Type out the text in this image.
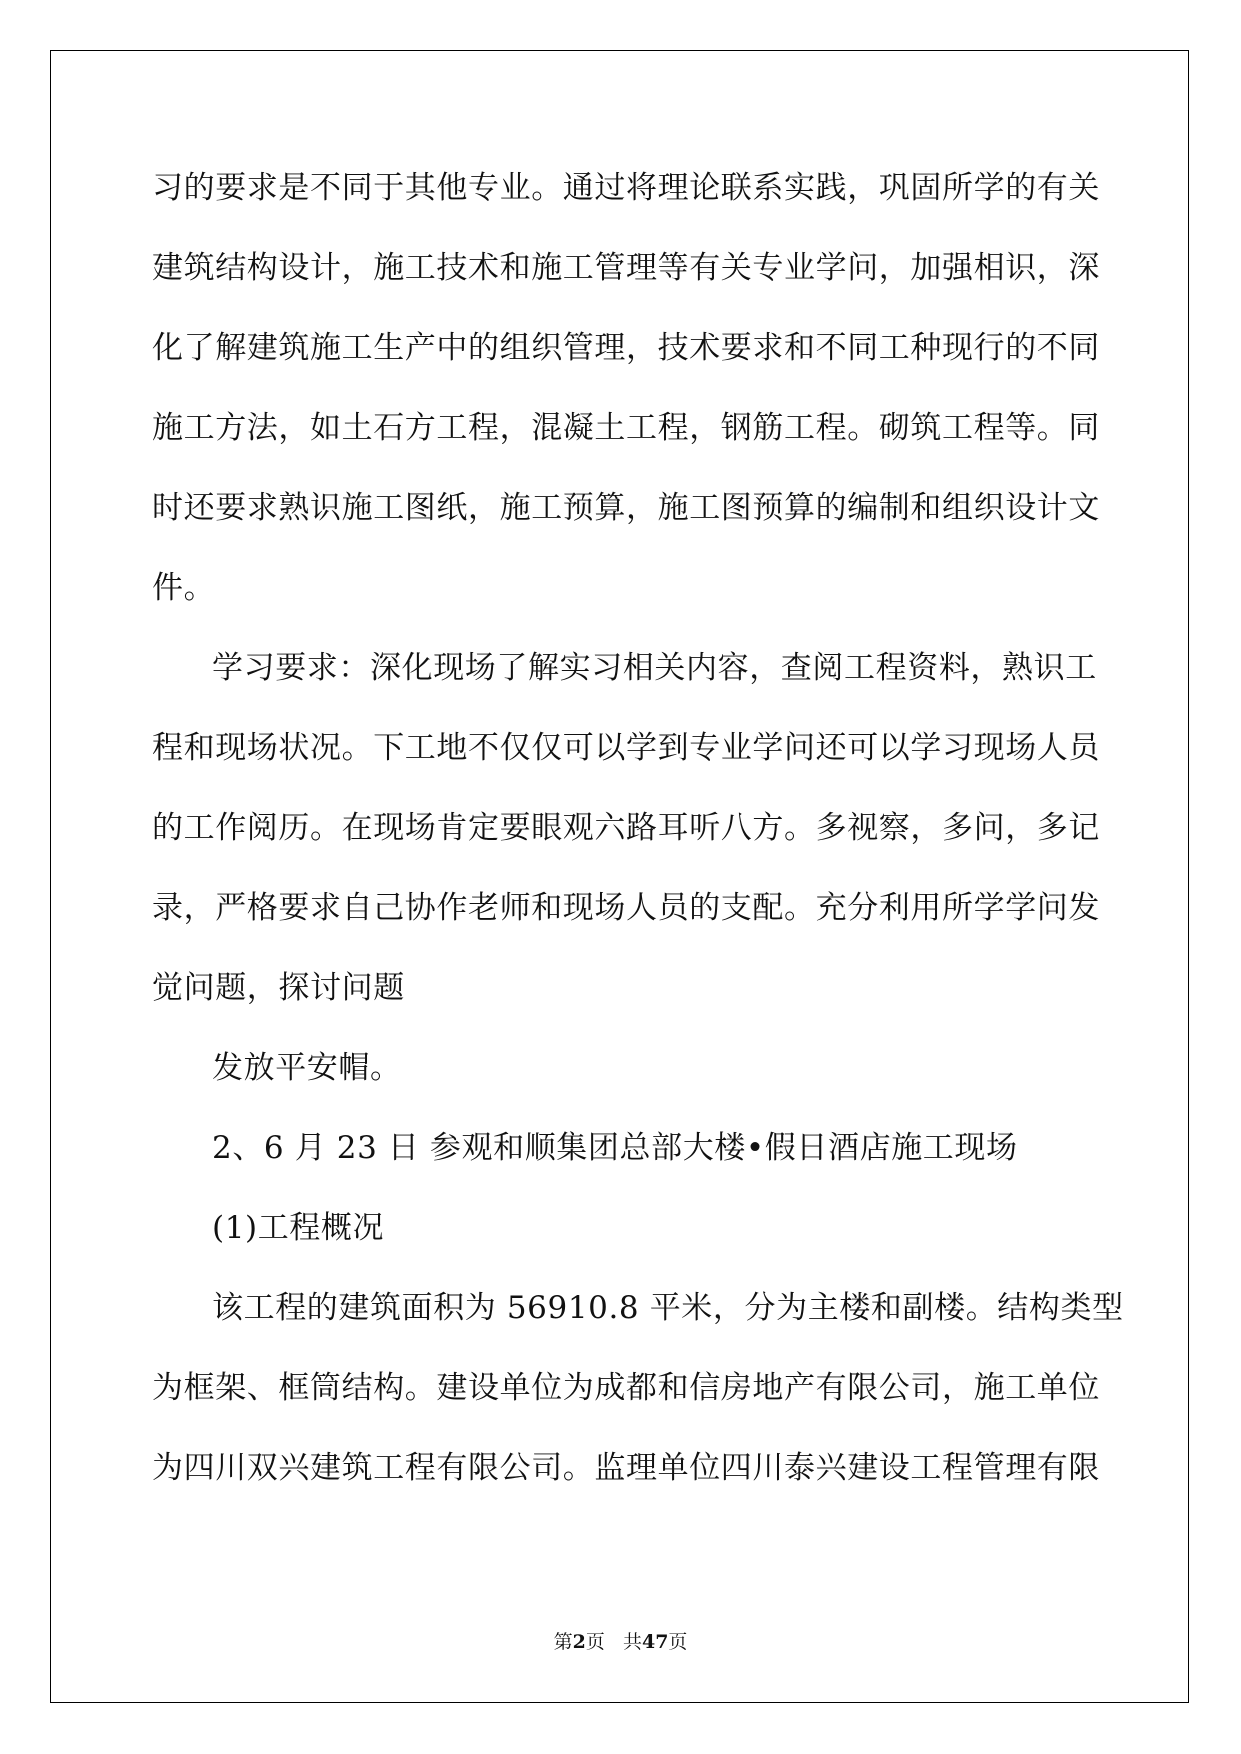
习的要求是不同于其他专业。通过将理论联系实践，巩固所学的有关
建筑结构设计，施工技术和施工管理等有关专业学问，加强相识，深
化了解建筑施工生产中的组织管理，技术要求和不同工种现行的不同
施工方法，如土石方工程，混凝土工程，钢筋工程。砌筑工程等。同
时还要求熟识施工图纸，施工预算，施工图预算的编制和组织设计文
件。
学习要求：深化现场了解实习相关内容，查阅工程资料，熟识工
程和现场状况。下工地不仅仅可以学到专业学问还可以学习现场人员
的工作阅历。在现场肯定要眼观六路耳听八方。多视察，多问，多记
录，严格要求自己协作老师和现场人员的支配。充分利用所学学问发
觉问题，探讨问题
发放平安帽。
2、6 月 23 日 参观和顺集团总部大楼•假日酒店施工现场
(1)工程概况
该工程的建筑面积为 56910.8 平米，分为主楼和副楼。结构类型
为框架、框筒结构。建设单位为成都和信房地产有限公司，施工单位
为四川双兴建筑工程有限公司。监理单位四川泰兴建设工程管理有限
第2页 共47页
